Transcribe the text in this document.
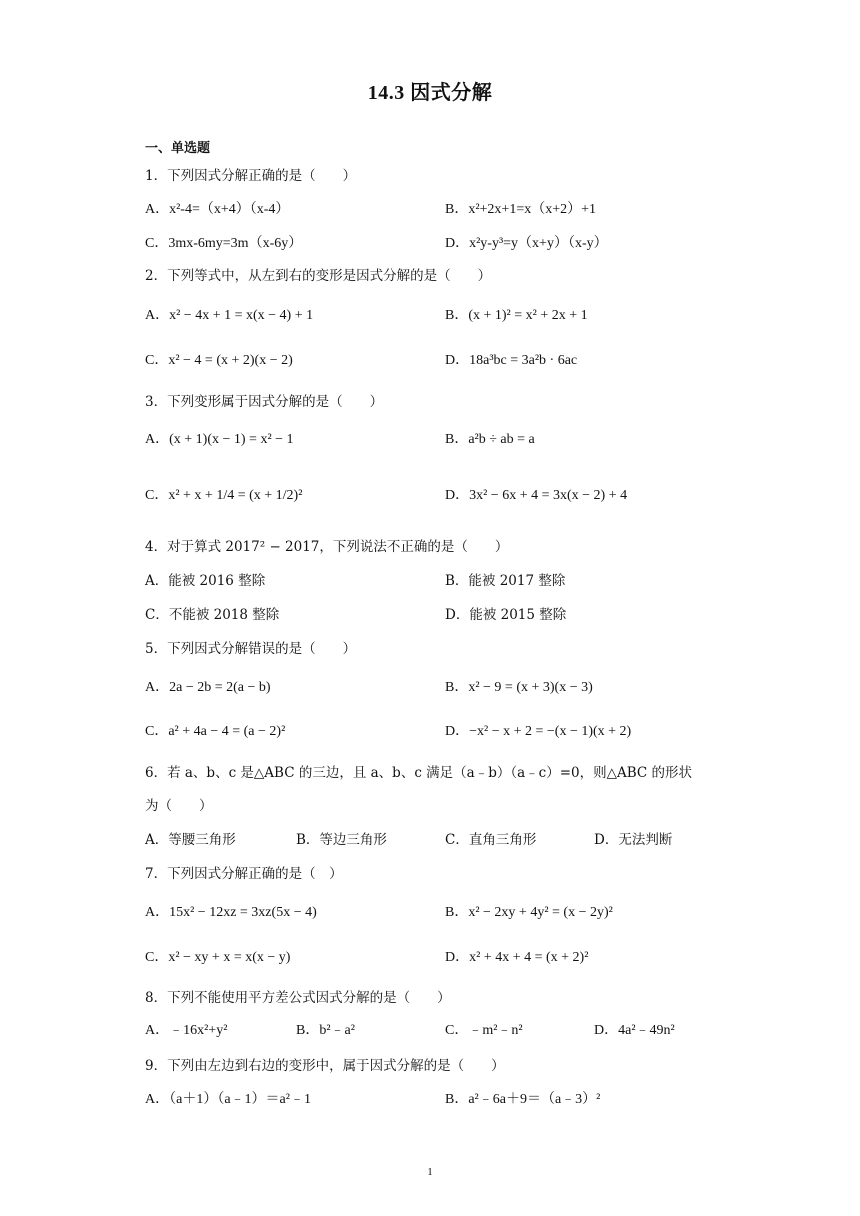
14.3 因式分解
一、单选题
1．下列因式分解正确的是（　　）
A．x²-4=（x+4）（x-4）	B．x²+2x+1=x（x+2）+1
C．3mx-6my=3m（x-6y）	D．x²y-y³=y（x+y）（x-y）
2．下列等式中，从左到右的变形是因式分解的是（　　）
A．x² − 4x + 1 = x(x − 4) + 1	B．(x + 1)² = x² + 2x + 1
C．x² − 4 = (x + 2)(x − 2)	D．18a³bc = 3a²b · 6ac
3．下列变形属于因式分解的是（　　）
A．(x + 1)(x − 1) = x² − 1	B．a²b ÷ ab = a
C．x² + x + 1/4 = (x + 1/2)²	D．3x² − 6x + 4 = 3x(x − 2) + 4
4．对于算式 2017² − 2017，下列说法不正确的是（　　）
A．能被 2016 整除	B．能被 2017 整除
C．不能被 2018 整除	D．能被 2015 整除
5．下列因式分解错误的是（　　）
A．2a − 2b = 2(a − b)	B．x² − 9 = (x + 3)(x − 3)
C．a² + 4a − 4 = (a − 2)²	D．−x² − x + 2 = −(x − 1)(x + 2)
6．若 a、b、c 是△ABC 的三边，且 a、b、c 满足（a﹣b）（a﹣c）=0，则△ABC 的形状
为（　　）
A．等腰三角形	B．等边三角形	C．直角三角形	D．无法判断
7．下列因式分解正确的是（　）
A．15x² − 12xz = 3xz(5x − 4)	B．x² − 2xy + 4y² = (x − 2y)²
C．x² − xy + x = x(x − y)	D．x² + 4x + 4 = (x + 2)²
8．下列不能使用平方差公式因式分解的是（　　）
A．﹣16x²+y²	B．b²﹣a²	C．﹣m²﹣n²	D．4a²﹣49n²
9．下列由左边到右边的变形中，属于因式分解的是（　　）
A．（a＋1）（a﹣1）＝a²﹣1	B．a²﹣6a＋9＝（a﹣3）²
1
